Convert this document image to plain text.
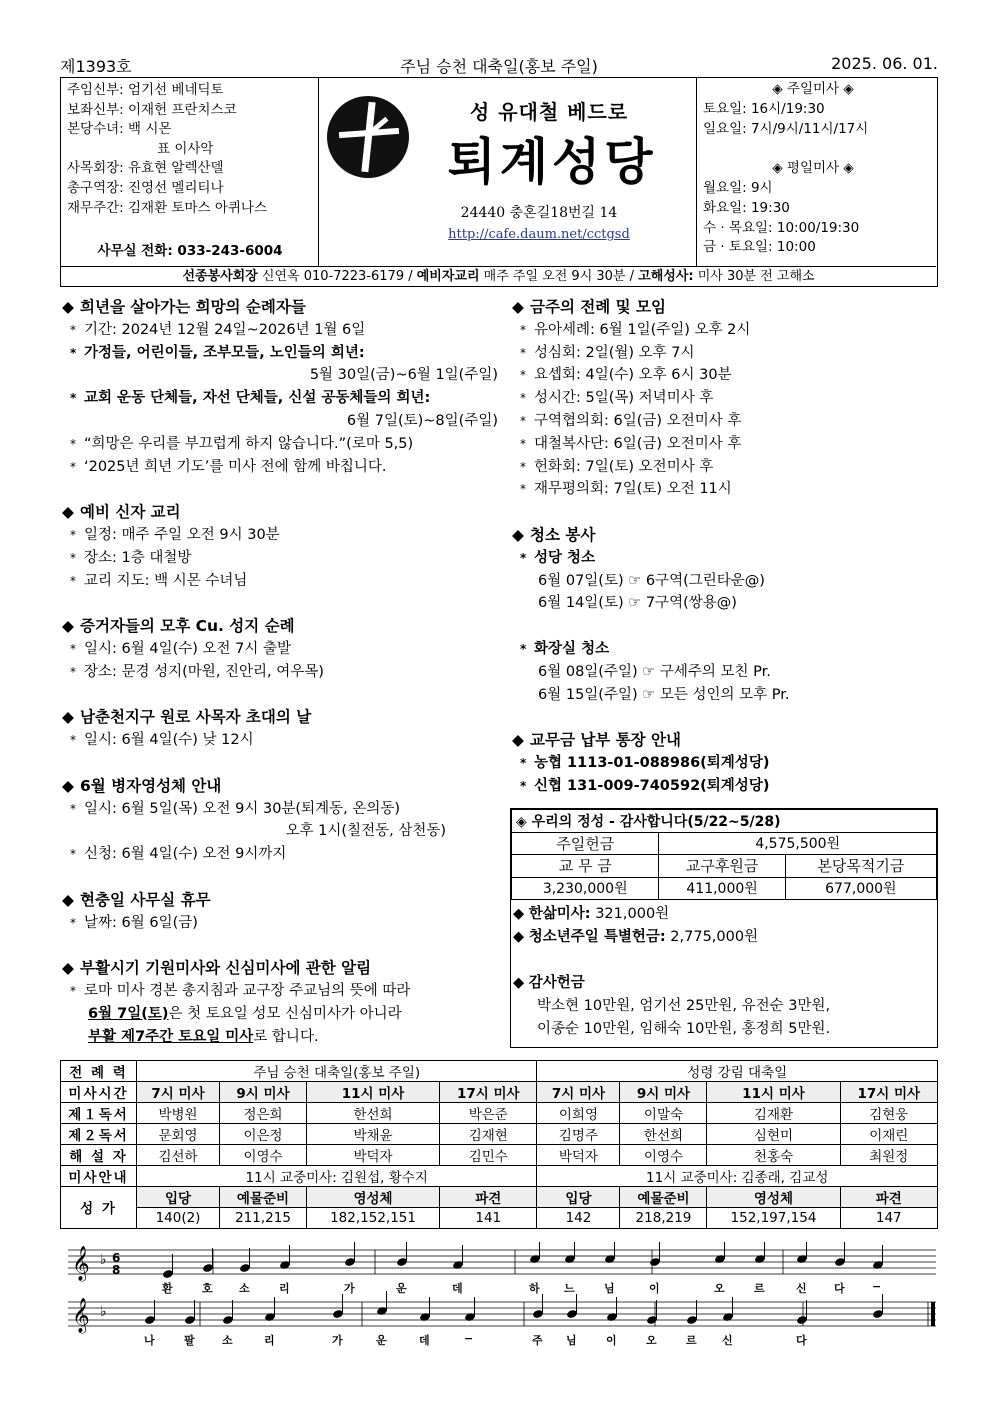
제1393호	주님 승천 대축일(홍보 주일)	2025. 06. 01.
주임신부: 엄기선 베네딕토
보좌신부: 이재헌 프란치스코
본당수녀: 백 시몬
표 이사악
사목회장: 유효현 알렉산델
총구역장: 진영선 멜리티나
재무주간: 김재환 토마스 아퀴나스
사무실 전화: 033-243-6004
성 유대철 베드로
퇴계성당
24440 충혼길18번길 14
http://cafe.daum.net/cctgsd
◈ 주일미사 ◈
토요일: 16시/19:30
일요일: 7시/9시/11시/17시
◈ 평일미사 ◈
월요일: 9시
화요일: 19:30
수 · 목요일: 10:00/19:30
금 · 토요일: 10:00
선종봉사회장 신연옥 010-7223-6179 / 예비자교리 매주 주일 오전 9시 30분 / 고해성사: 미사 30분 전 고해소
◆ 희년을 살아가는 희망의 순례자들
* 기간: 2024년 12월 24일~2026년 1월 6일
* 가정들, 어린이들, 조부모들, 노인들의 희년:
5월 30일(금)~6월 1일(주일)
* 교회 운동 단체들, 자선 단체들, 신설 공동체들의 희년:
6월 7일(토)~8일(주일)
* “희망은 우리를 부끄럽게 하지 않습니다.”(로마 5,5)
* ‘2025년 희년 기도’를 미사 전에 함께 바칩니다.
◆ 예비 신자 교리
* 일정: 매주 주일 오전 9시 30분
* 장소: 1층 대철방
* 교리 지도: 백 시몬 수녀님
◆ 증거자들의 모후 Cu. 성지 순례
* 일시: 6월 4일(수) 오전 7시 출발
* 장소: 문경 성지(마원, 진안리, 여우목)
◆ 남춘천지구 원로 사목자 초대의 날
* 일시: 6월 4일(수) 낮 12시
◆ 6월 병자영성체 안내
* 일시: 6월 5일(목) 오전 9시 30분(퇴계동, 온의동)
오후 1시(칠전동, 삼천동)
* 신청: 6월 4일(수) 오전 9시까지
◆ 현충일 사무실 휴무
* 날짜: 6월 6일(금)
◆ 부활시기 기원미사와 신심미사에 관한 알림
* 로마 미사 경본 총지침과 교구장 주교님의 뜻에 따라
6월 7일(토)은 첫 토요일 성모 신심미사가 아니라
부활 제7주간 토요일 미사로 합니다.
◆ 금주의 전례 및 모임
* 유아세례: 6월 1일(주일) 오후 2시
* 성심회: 2일(월) 오후 7시
* 요셉회: 4일(수) 오후 6시 30분
* 성시간: 5일(목) 저녁미사 후
* 구역협의회: 6일(금) 오전미사 후
* 대철복사단: 6일(금) 오전미사 후
* 헌화회: 7일(토) 오전미사 후
* 재무평의회: 7일(토) 오전 11시
◆ 청소 봉사
* 성당 청소
6월 07일(토) ☞ 6구역(그린타운@)
6월 14일(토) ☞ 7구역(쌍용@)
* 화장실 청소
6월 08일(주일) ☞ 구세주의 모친 Pr.
6월 15일(주일) ☞ 모든 성인의 모후 Pr.
◆ 교무금 납부 통장 안내
* 농협 1113-01-088986(퇴계성당)
* 신협 131-009-740592(퇴계성당)
◈ 우리의 정성 - 감사합니다(5/22~5/28)		
주일헌금	4,575,500원	
교 무 금	교구후원금	본당목적기금
3,230,000원	411,000원	677,000원
◆ 한삶미사: 321,000원
◆ 청소년주일 특별헌금: 2,775,000원
◆ 감사헌금
박소현 10만원, 엄기선 25만원, 유전순 3만원,
이종순 10만원, 임해숙 10만원, 홍정희 5만원.
전 례 력	주님 승천 대축일(홍보 주일)				성령 강림 대축일			
미사시간	7시 미사	9시 미사	11시 미사	17시 미사	7시 미사	9시 미사	11시 미사	17시 미사
제１독서	박병원	정은희	한선희	박은준	이희영	이말숙	김재환	김현웅
제２독서	문회영	이은정	박채윤	김재현	김명주	한선희	심현미	이재린
해 설 자	김선하	이영수	박덕자	김민수	박덕자	이영수	천홍숙	최원정
미사안내	11시 교중미사: 김원섭, 황수지				11시 교중미사: 김종래, 김교성			
성 가	입당	예물준비	영성체	파견	입당	예물준비	영성체	파견
	140(2)	211,215	182,152,151	141	142	218,219	152,197,154	147
𝄞 ♭ 6
8
𝄞 ♭
환	호 소	리	가	운	데	하 느	님	이	오	르	신 다 −
나	팔 소	리	가	운	데	−	주 님	이	오	르 신	다
